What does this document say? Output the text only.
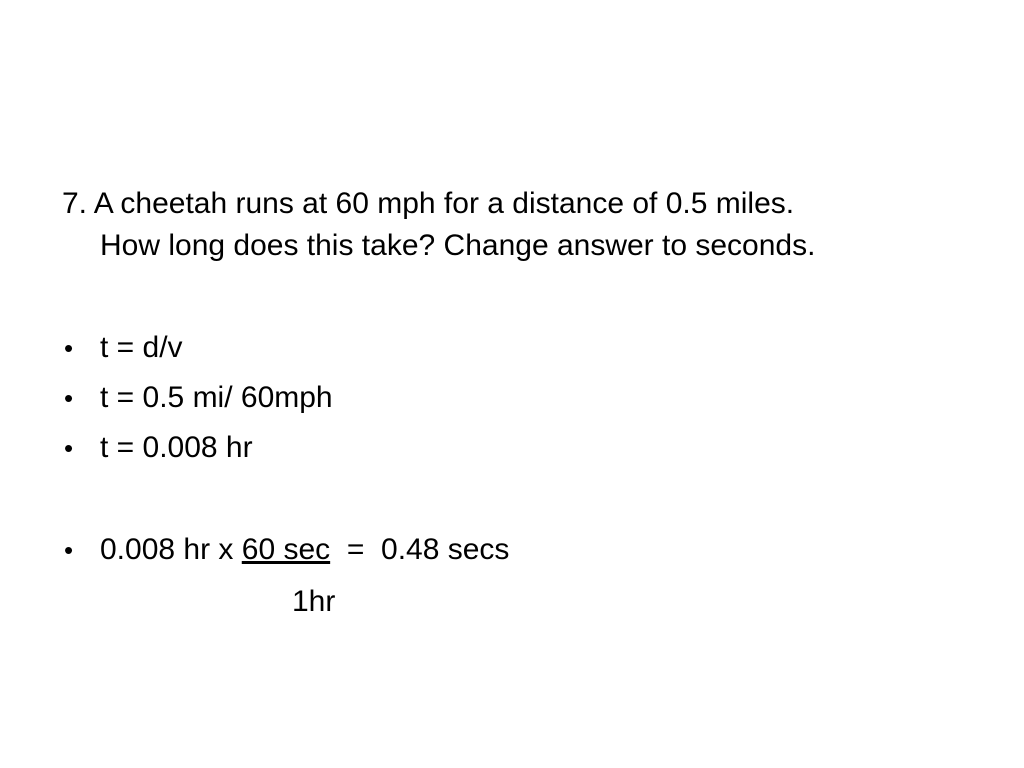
7. A cheetah runs at 60 mph for a distance of 0.5 miles.
How long does this take? Change answer to seconds.
• t = d/v
• t = 0.5 mi/ 60mph
• t = 0.008 hr
• 0.008 hr x 60 sec  =  0.48 secs
1hr
